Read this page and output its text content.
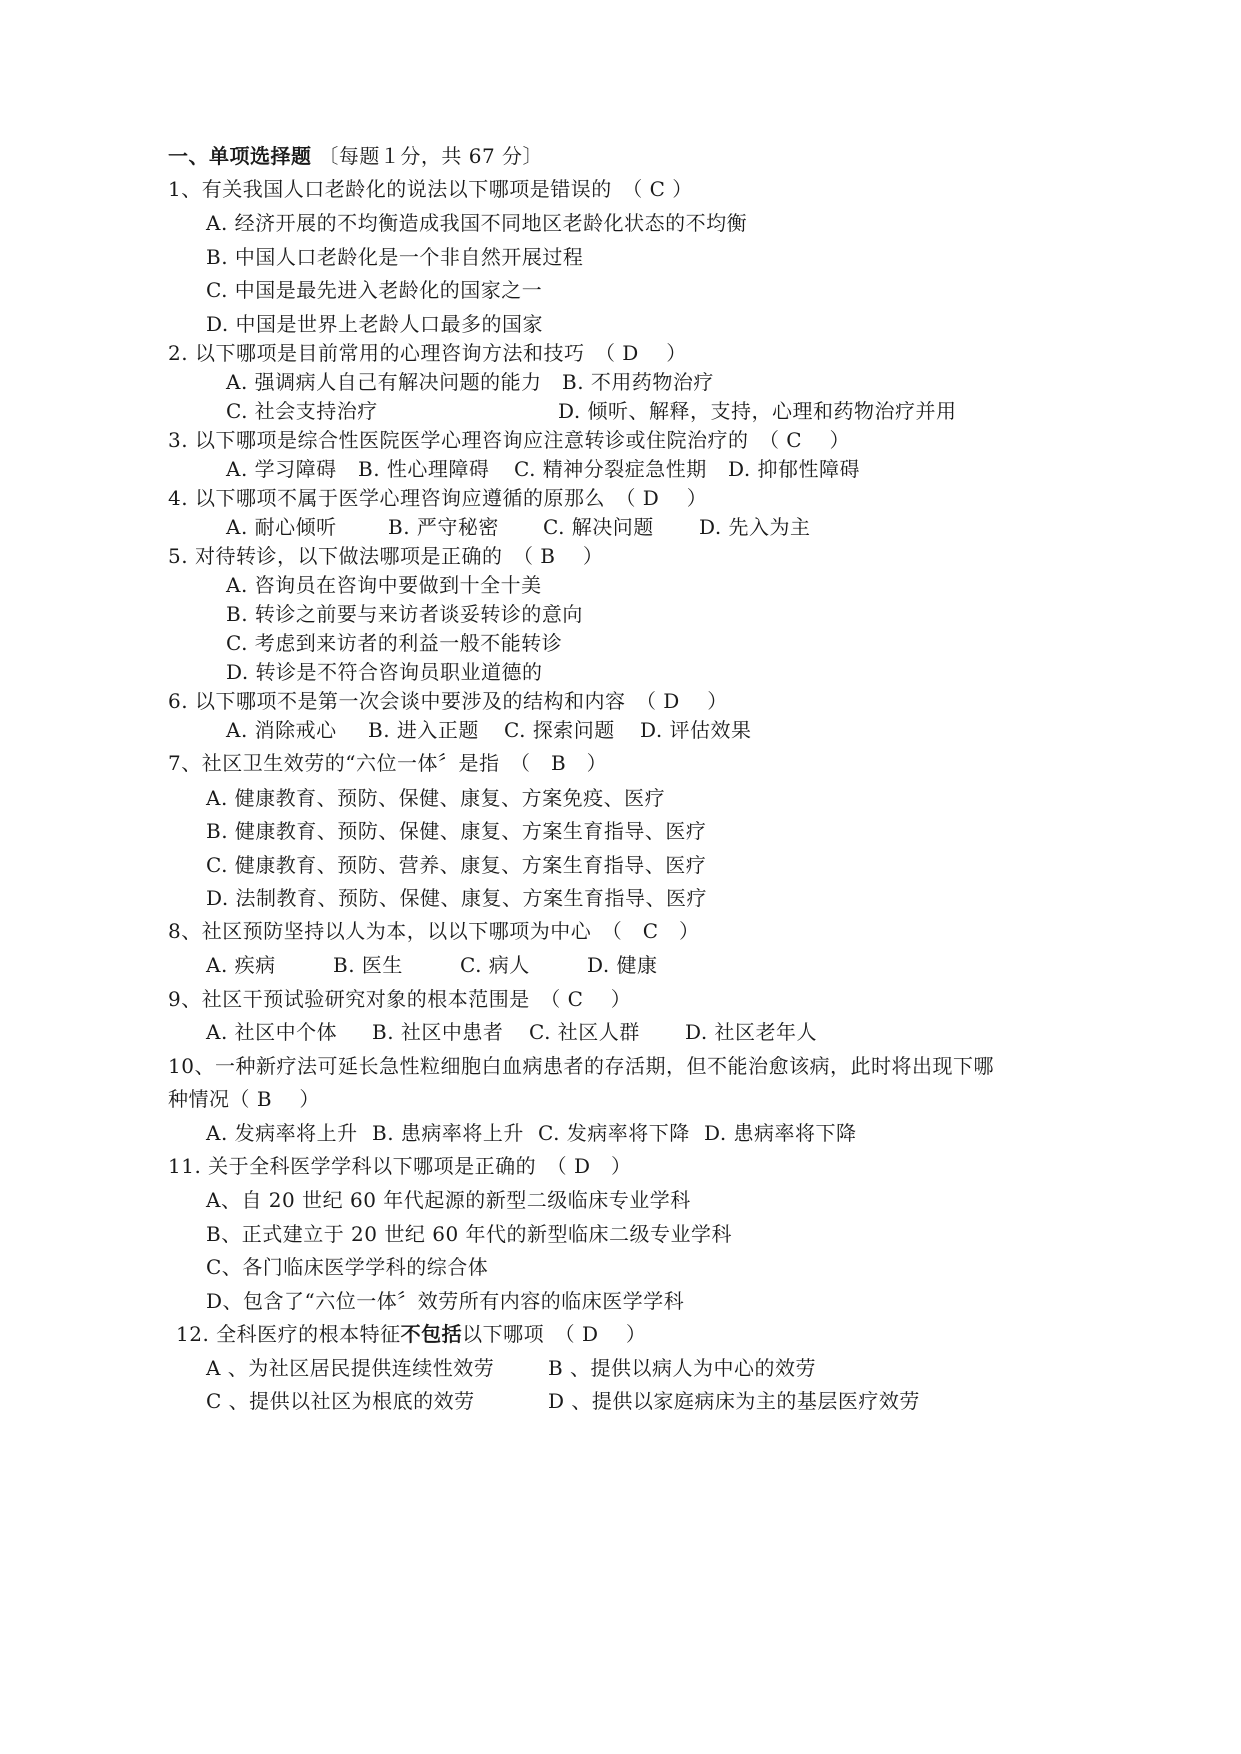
一、单项选择题 〔每题１分，共 67 分〕
1、有关我国人口老龄化的说法以下哪项是错误的　（ C ）
A. 经济开展的不均衡造成我国不同地区老龄化状态的不均衡
B. 中国人口老龄化是一个非自然开展过程
C. 中国是最先进入老龄化的国家之一
D. 中国是世界上老龄人口最多的国家
2. 以下哪项是目前常用的心理咨询方法和技巧　（ D　 ）
A. 强调病人自己有解决问题的能力 B. 不用药物治疗
C. 社会支持治疗	D. 倾听、解释，支持，心理和药物治疗并用
3. 以下哪项是综合性医院医学心理咨询应注意转诊或住院治疗的　（ C　 ）
A. 学习障碍 B. 性心理障碍 C. 精神分裂症急性期 D. 抑郁性障碍
4. 以下哪项不属于医学心理咨询应遵循的原那么　（ D　 ）
A. 耐心倾听	B. 严守秘密 C. 解决问题 D. 先入为主
5. 对待转诊，以下做法哪项是正确的　（ B　 ）
A. 咨询员在咨询中要做到十全十美
B. 转诊之前要与来访者谈妥转诊的意向
C. 考虑到来访者的利益一般不能转诊
D. 转诊是不符合咨询员职业道德的
6. 以下哪项不是第一次会谈中要涉及的结构和内容　（ D　 ）
A. 消除戒心 B. 进入正题 C. 探索问题 D. 评估效果
7、社区卫生效劳的“六位一体〞是指　（　B　）
A. 健康教育、预防、保健、康复、方案免疫、医疗
B. 健康教育、预防、保健、康复、方案生育指导、医疗
C. 健康教育、预防、营养、康复、方案生育指导、医疗
D. 法制教育、预防、保健、康复、方案生育指导、医疗
8、社区预防坚持以人为本，以以下哪项为中心　（　C　）
A. 疾病	B. 医生	C. 病人	D. 健康
9、社区干预试验研究对象的根本范围是　（ C　 ）
A. 社区中个体 B. 社区中患者 C. 社区人群 D. 社区老年人
10、一种新疗法可延长急性粒细胞白血病患者的存活期，但不能治愈该病，此时将出现下哪
种情况（ B　 ）
A. 发病率将上升 B. 患病率将上升 C. 发病率将下降 D. 患病率将下降
11. 关于全科医学学科以下哪项是正确的　（ D　）
A、自 20 世纪 60 年代起源的新型二级临床专业学科
B、正式建立于 20 世纪 60 年代的新型临床二级专业学科
C、各门临床医学学科的综合体
D、包含了“六位一体〞效劳所有内容的临床医学学科
12. 全科医疗的根本特征不包括以下哪项　（ D　 ）
A 、为社区居民提供连续性效劳	B 、提供以病人为中心的效劳
C 、提供以社区为根底的效劳	D 、提供以家庭病床为主的基层医疗效劳
